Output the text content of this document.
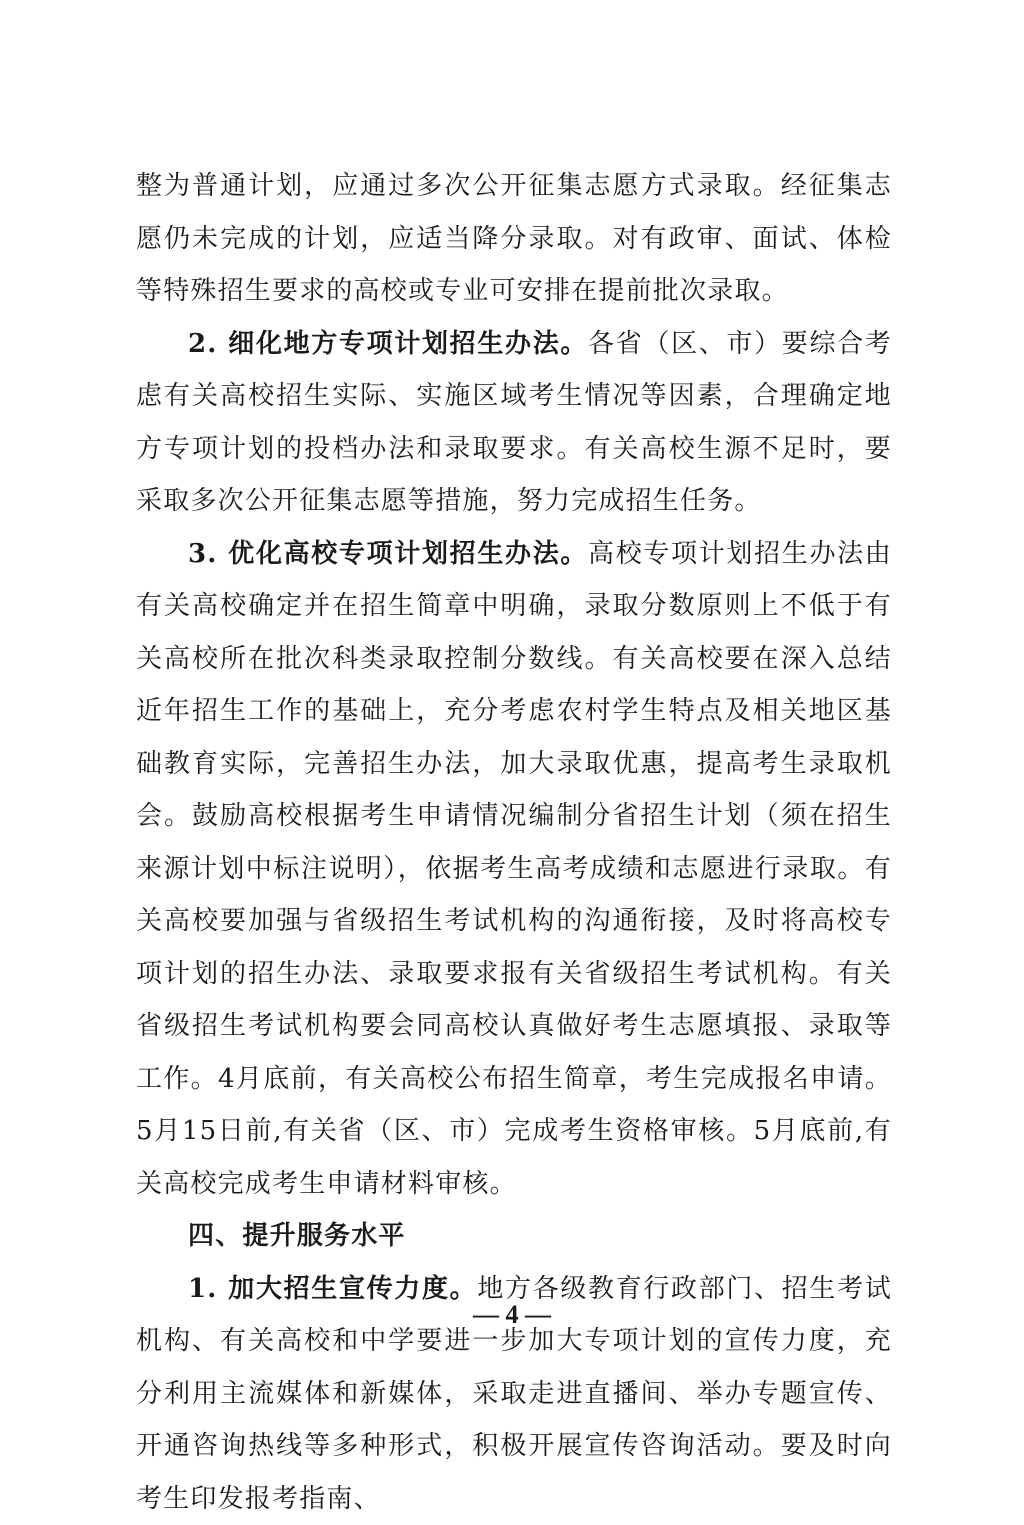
整为普通计划，应通过多次公开征集志愿方式录取。经征集志愿仍未完成的计划，应适当降分录取。对有政审、面试、体检等特殊招生要求的高校或专业可安排在提前批次录取。

2. 细化地方专项计划招生办法。各省（区、市）要综合考虑有关高校招生实际、实施区域考生情况等因素，合理确定地方专项计划的投档办法和录取要求。有关高校生源不足时，要采取多次公开征集志愿等措施，努力完成招生任务。

3. 优化高校专项计划招生办法。高校专项计划招生办法由有关高校确定并在招生简章中明确，录取分数原则上不低于有关高校所在批次科类录取控制分数线。有关高校要在深入总结近年招生工作的基础上，充分考虑农村学生特点及相关地区基础教育实际，完善招生办法，加大录取优惠，提高考生录取机会。鼓励高校根据考生申请情况编制分省招生计划（须在招生来源计划中标注说明），依据考生高考成绩和志愿进行录取。有关高校要加强与省级招生考试机构的沟通衔接，及时将高校专项计划的招生办法、录取要求报有关省级招生考试机构。有关省级招生考试机构要会同高校认真做好考生志愿填报、录取等工作。4月底前，有关高校公布招生简章，考生完成报名申请。5月15日前,有关省（区、市）完成考生资格审核。5月底前,有关高校完成考生申请材料审核。

四、提升服务水平

1. 加大招生宣传力度。地方各级教育行政部门、招生考试机构、有关高校和中学要进一步加大专项计划的宣传力度，充分利用主流媒体和新媒体，采取走进直播间、举办专题宣传、开通咨询热线等多种形式，积极开展宣传咨询活动。要及时向考生印发报考指南、

— 4 —
